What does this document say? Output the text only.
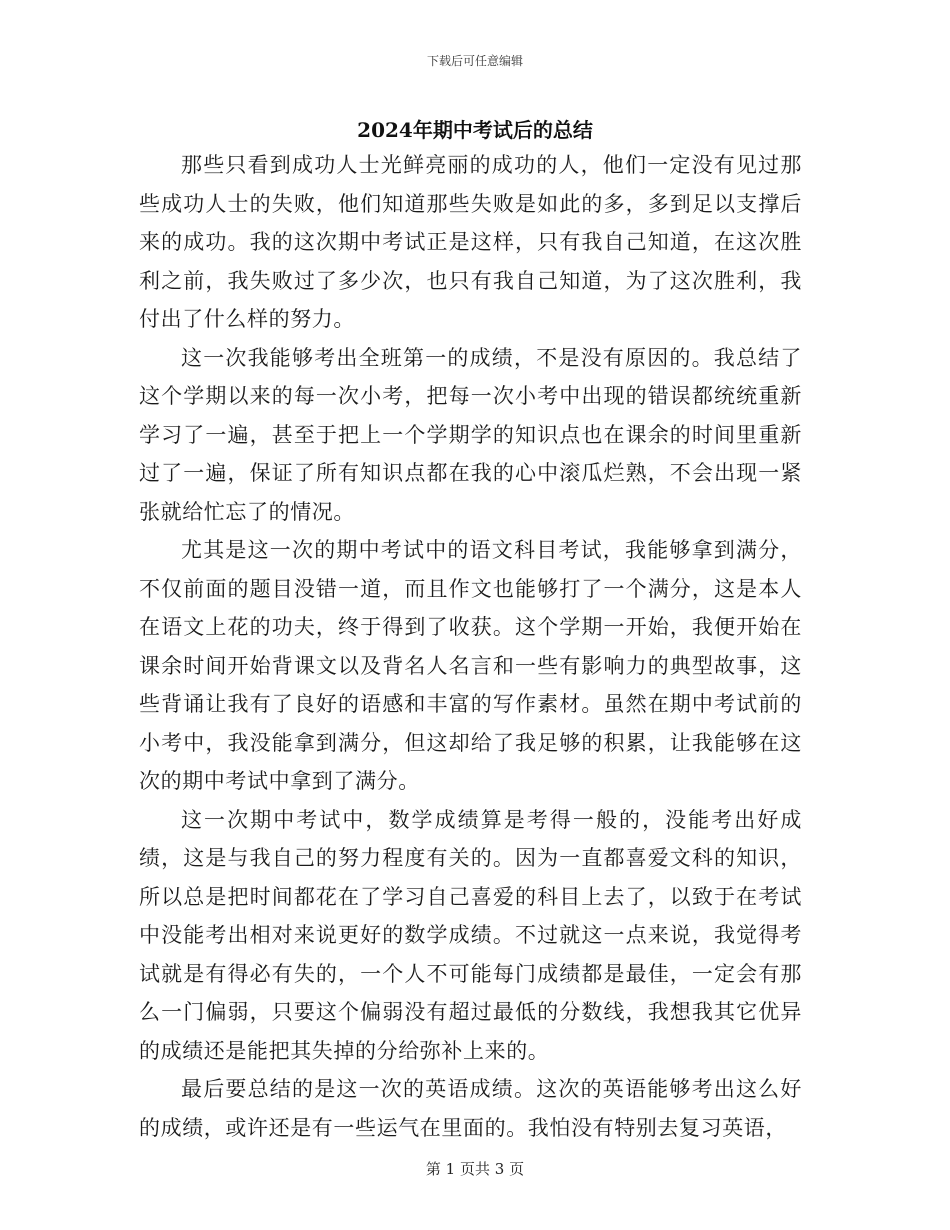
下载后可任意编辑
2024年期中考试后的总结

那些只看到成功人士光鲜亮丽的成功的人，他们一定没有见过那些成功人士的失败，他们知道那些失败是如此的多，多到足以支撑后来的成功。我的这次期中考试正是这样，只有我自己知道，在这次胜利之前，我失败过了多少次，也只有我自己知道，为了这次胜利，我付出了什么样的努力。

这一次我能够考出全班第一的成绩，不是没有原因的。我总结了这个学期以来的每一次小考，把每一次小考中出现的错误都统统重新学习了一遍，甚至于把上一个学期学的知识点也在课余的时间里重新过了一遍，保证了所有知识点都在我的心中滚瓜烂熟，不会出现一紧张就给忙忘了的情况。

尤其是这一次的期中考试中的语文科目考试，我能够拿到满分，不仅前面的题目没错一道，而且作文也能够打了一个满分，这是本人在语文上花的功夫，终于得到了收获。这个学期一开始，我便开始在课余时间开始背课文以及背名人名言和一些有影响力的典型故事，这些背诵让我有了良好的语感和丰富的写作素材。虽然在期中考试前的小考中，我没能拿到满分，但这却给了我足够的积累，让我能够在这次的期中考试中拿到了满分。

这一次期中考试中，数学成绩算是考得一般的，没能考出好成绩，这是与我自己的努力程度有关的。因为一直都喜爱文科的知识，所以总是把时间都花在了学习自己喜爱的科目上去了，以致于在考试中没能考出相对来说更好的数学成绩。不过就这一点来说，我觉得考试就是有得必有失的，一个人不可能每门成绩都是最佳，一定会有那么一门偏弱，只要这个偏弱没有超过最低的分数线，我想我其它优异的成绩还是能把其失掉的分给弥补上来的。

最后要总结的是这一次的英语成绩。这次的英语能够考出这么好的成绩，或许还是有一些运气在里面的。我怕没有特别去复习英语，

第 1 页共 3 页
